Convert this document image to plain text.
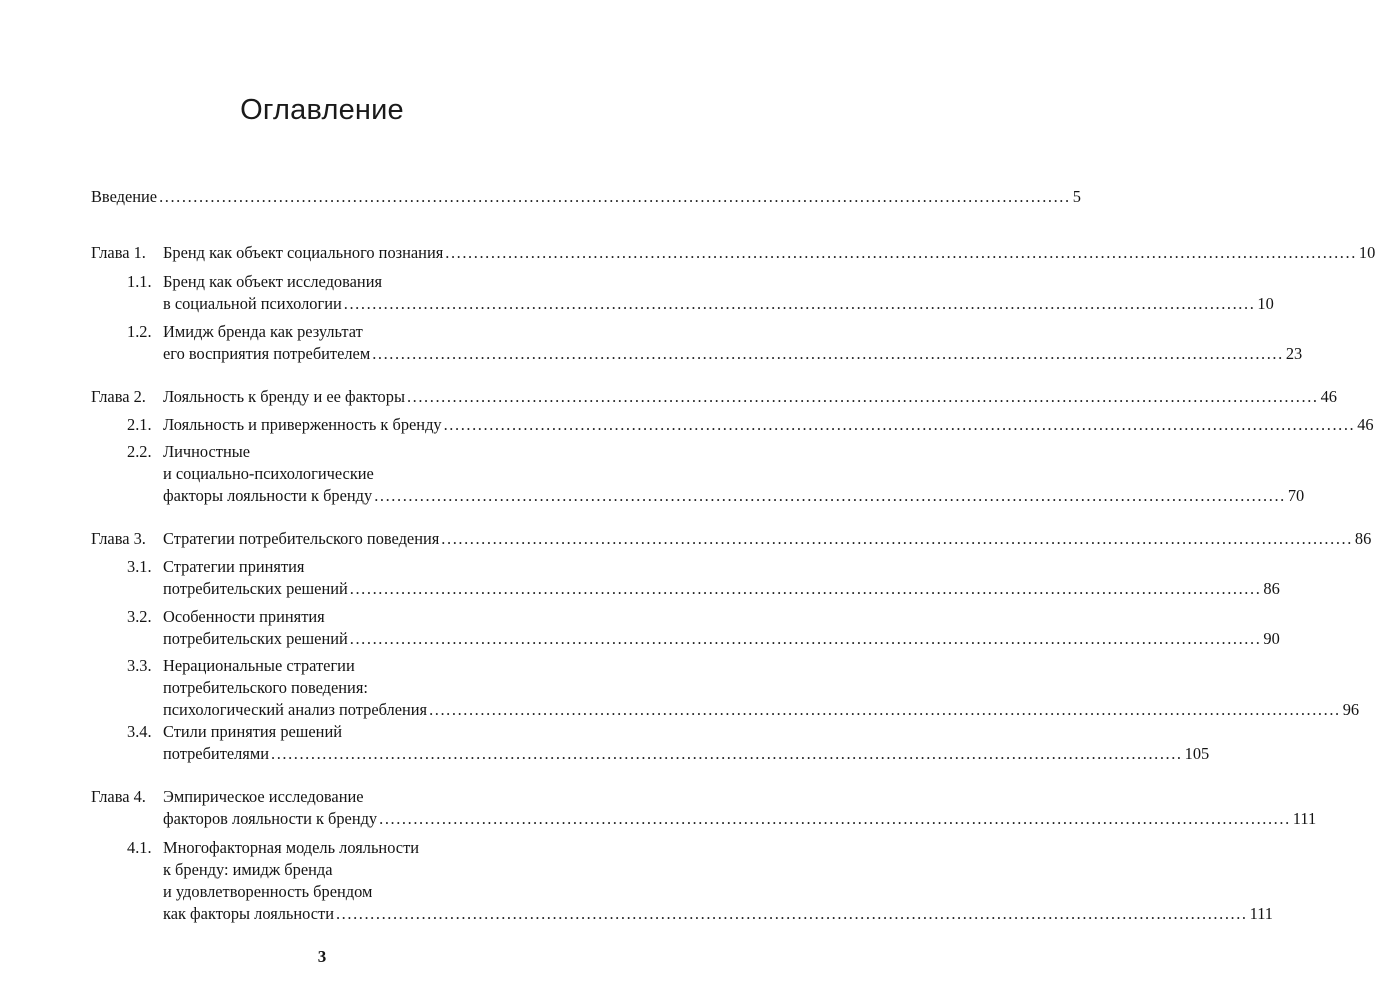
Оглавление
Введение ................................................................................................................................................................ 5
Глава 1. Бренд как объект социального познания ................................................................................................................................................................ 10
1.1. Бренд как объект исследования
в социальной психологии ................................................................................................................................................................ 10
1.2. Имидж бренда как результат
его восприятия потребителем ................................................................................................................................................................ 23
Глава 2. Лояльность к бренду и ее факторы ................................................................................................................................................................ 46
2.1. Лояльность и приверженность к бренду ................................................................................................................................................................ 46
2.2. Личностные
и социально-психологические
факторы лояльности к бренду ................................................................................................................................................................ 70
Глава 3. Стратегии потребительского поведения ................................................................................................................................................................ 86
3.1. Стратегии принятия
потребительских решений ................................................................................................................................................................ 86
3.2. Особенности принятия
потребительских решений ................................................................................................................................................................ 90
3.3. Нерациональные стратегии
потребительского поведения:
психологический анализ потребления ................................................................................................................................................................ 96
3.4. Стили принятия решений
потребителями ................................................................................................................................................................ 105
Глава 4. Эмпирическое исследование
факторов лояльности к бренду ................................................................................................................................................................ 111
4.1. Многофакторная модель лояльности
к бренду: имидж бренда
и удовлетворенность брендом
как факторы лояльности ................................................................................................................................................................ 111
3
